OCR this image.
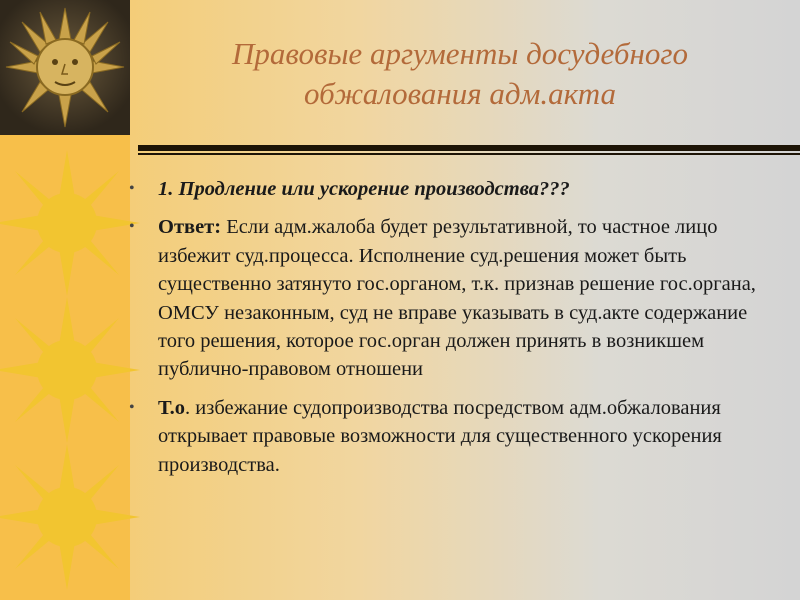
Правовые аргументы досудебного
обжалования адм.акта
• 1. Продление или ускорение производства???
• Ответ: Если адм.жалоба будет результативной, то частное лицо избежит суд.процесса. Исполнение суд.решения может быть существенно затянуто гос.органом, т.к. признав решение гос.органа, ОМСУ незаконным, суд не вправе указывать в суд.акте содержание того решения, которое гос.орган должен принять в возникшем публично-правовом отношени
• Т.о. избежание судопроизводства посредством адм.обжалования открывает правовые возможности для существенного ускорения производства.
